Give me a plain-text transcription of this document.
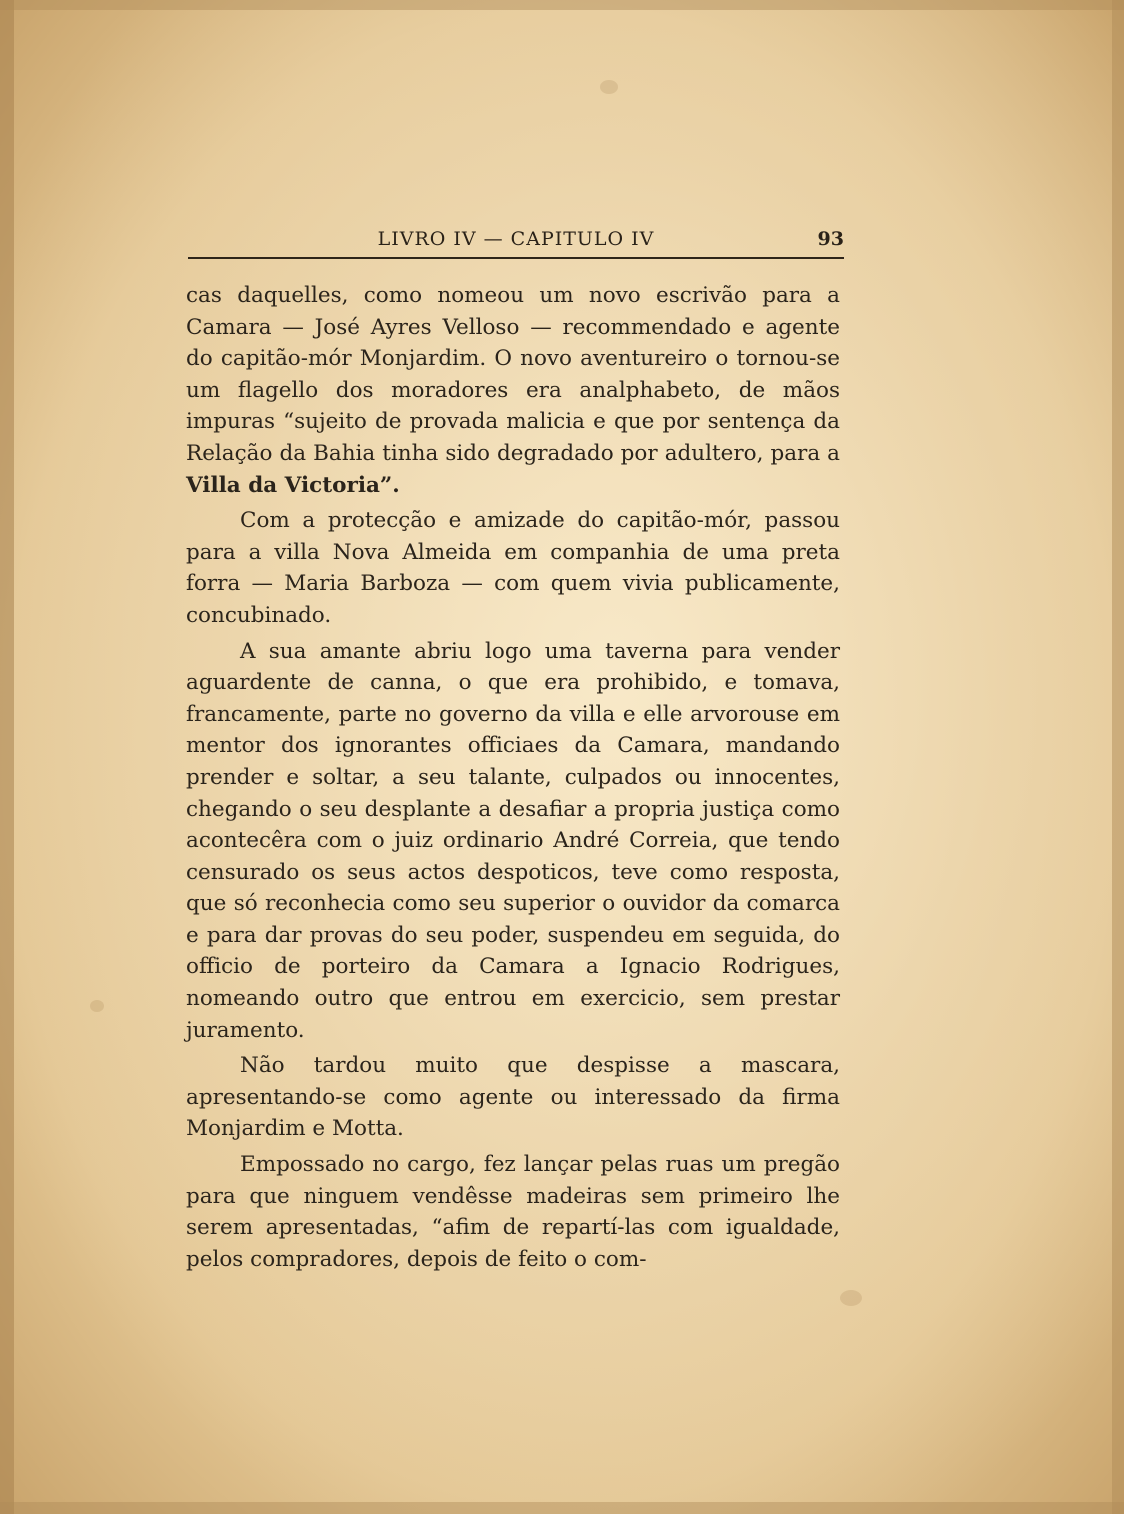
LIVRO IV — CAPITULO IV	93

cas daquelles, como nomeou um novo escrivão para a Camara — José Ayres Velloso — recommendado e agente do capitão-mór Monjardim. O novo aventureiro o tornou-se um flagello dos moradores era analphabeto, de mãos impuras “sujeito de provada malicia e que por sentença da Relação da Bahia tinha sido degradado por adultero, para a Villa da Victoria”.

Com a protecção e amizade do capitão-mór, passou para a villa Nova Almeida em companhia de uma preta forra — Maria Barboza — com quem vivia publicamente, concubinado.

A sua amante abriu logo uma taverna para vender aguardente de canna, o que era prohibido, e tomava, francamente, parte no governo da villa e elle arvorouse em mentor dos ignorantes officiaes da Camara, mandando prender e soltar, a seu talante, culpados ou innocentes, chegando o seu desplante a desafiar a propria justiça como acontecêra com o juiz ordinario André Correia, que tendo censurado os seus actos despoticos, teve como resposta, que só reconhecia como seu superior o ouvidor da comarca e para dar provas do seu poder, suspendeu em seguida, do officio de porteiro da Camara a Ignacio Rodrigues, nomeando outro que entrou em exercicio, sem prestar juramento.

Não tardou muito que despisse a mascara, apresentando-se como agente ou interessado da firma Monjardim e Motta.

Empossado no cargo, fez lançar pelas ruas um pregão para que ninguem vendêsse madeiras sem primeiro lhe serem apresentadas, “afim de repartí-las com igualdade, pelos compradores, depois de feito o com-
